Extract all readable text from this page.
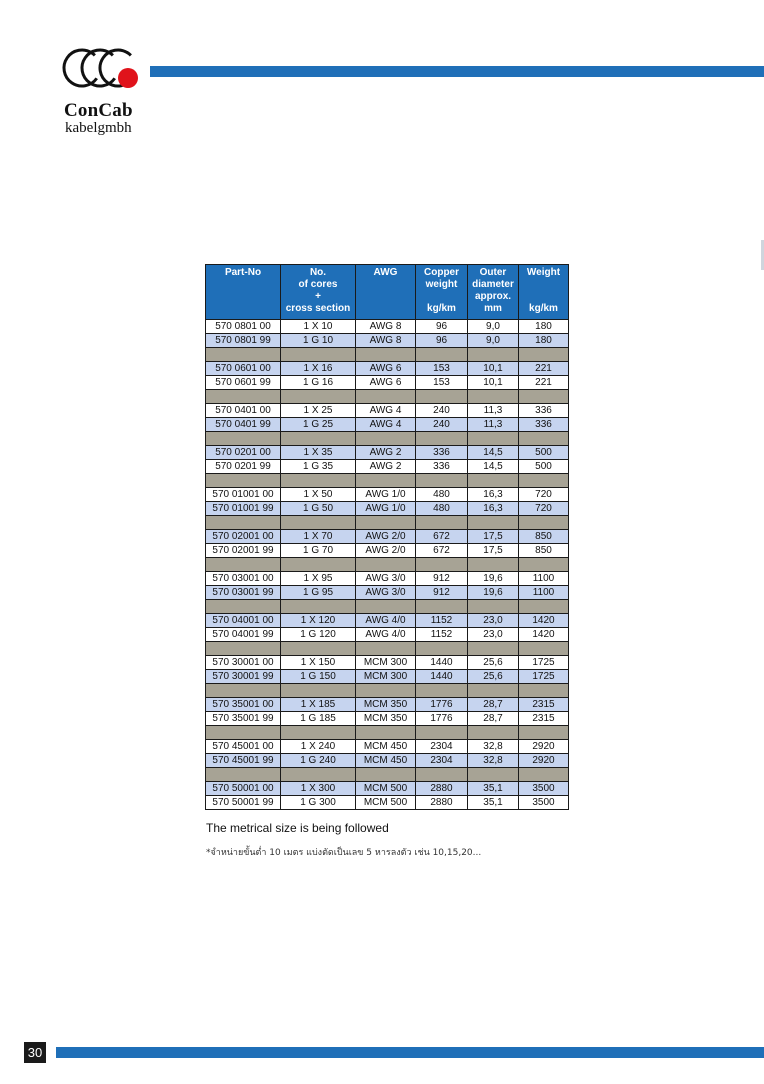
ConCab
kabelgmbh
Part-No	No.
of cores
+
cross section	AWG	Copper
weight
kg/km	Outer
diameter
approx.
mm	Weight
kg/km

570 0801 00	1 X 10	AWG 8	96	9,0	180
570 0801 99	1 G 10	AWG 8	96	9,0	180

570 0601 00	1 X 16	AWG 6	153	10,1	221
570 0601 99	1 G 16	AWG 6	153	10,1	221

570 0401 00	1 X 25	AWG 4	240	11,3	336
570 0401 99	1 G 25	AWG 4	240	11,3	336

570 0201 00	1 X 35	AWG 2	336	14,5	500
570 0201 99	1 G 35	AWG 2	336	14,5	500

570 01001 00	1 X 50	AWG 1/0	480	16,3	720
570 01001 99	1 G 50	AWG 1/0	480	16,3	720

570 02001 00	1 X 70	AWG 2/0	672	17,5	850
570 02001 99	1 G 70	AWG 2/0	672	17,5	850

570 03001 00	1 X 95	AWG 3/0	912	19,6	1100
570 03001 99	1 G 95	AWG 3/0	912	19,6	1100

570 04001 00	1 X 120	AWG 4/0	1152	23,0	1420
570 04001 99	1 G 120	AWG 4/0	1152	23,0	1420

570 30001 00	1 X 150	MCM 300	1440	25,6	1725
570 30001 99	1 G 150	MCM 300	1440	25,6	1725

570 35001 00	1 X 185	MCM 350	1776	28,7	2315
570 35001 99	1 G 185	MCM 350	1776	28,7	2315

570 45001 00	1 X 240	MCM 450	2304	32,8	2920
570 45001 99	1 G 240	MCM 450	2304	32,8	2920

570 50001 00	1 X 300	MCM 500	2880	35,1	3500
570 50001 99	1 G 300	MCM 500	2880	35,1	3500
The metrical size is being followed
*จำหน่ายขั้นต่ำ 10 เมตร แบ่งตัดเป็นเลข 5 หารลงตัว เช่น 10,15,20...
30
